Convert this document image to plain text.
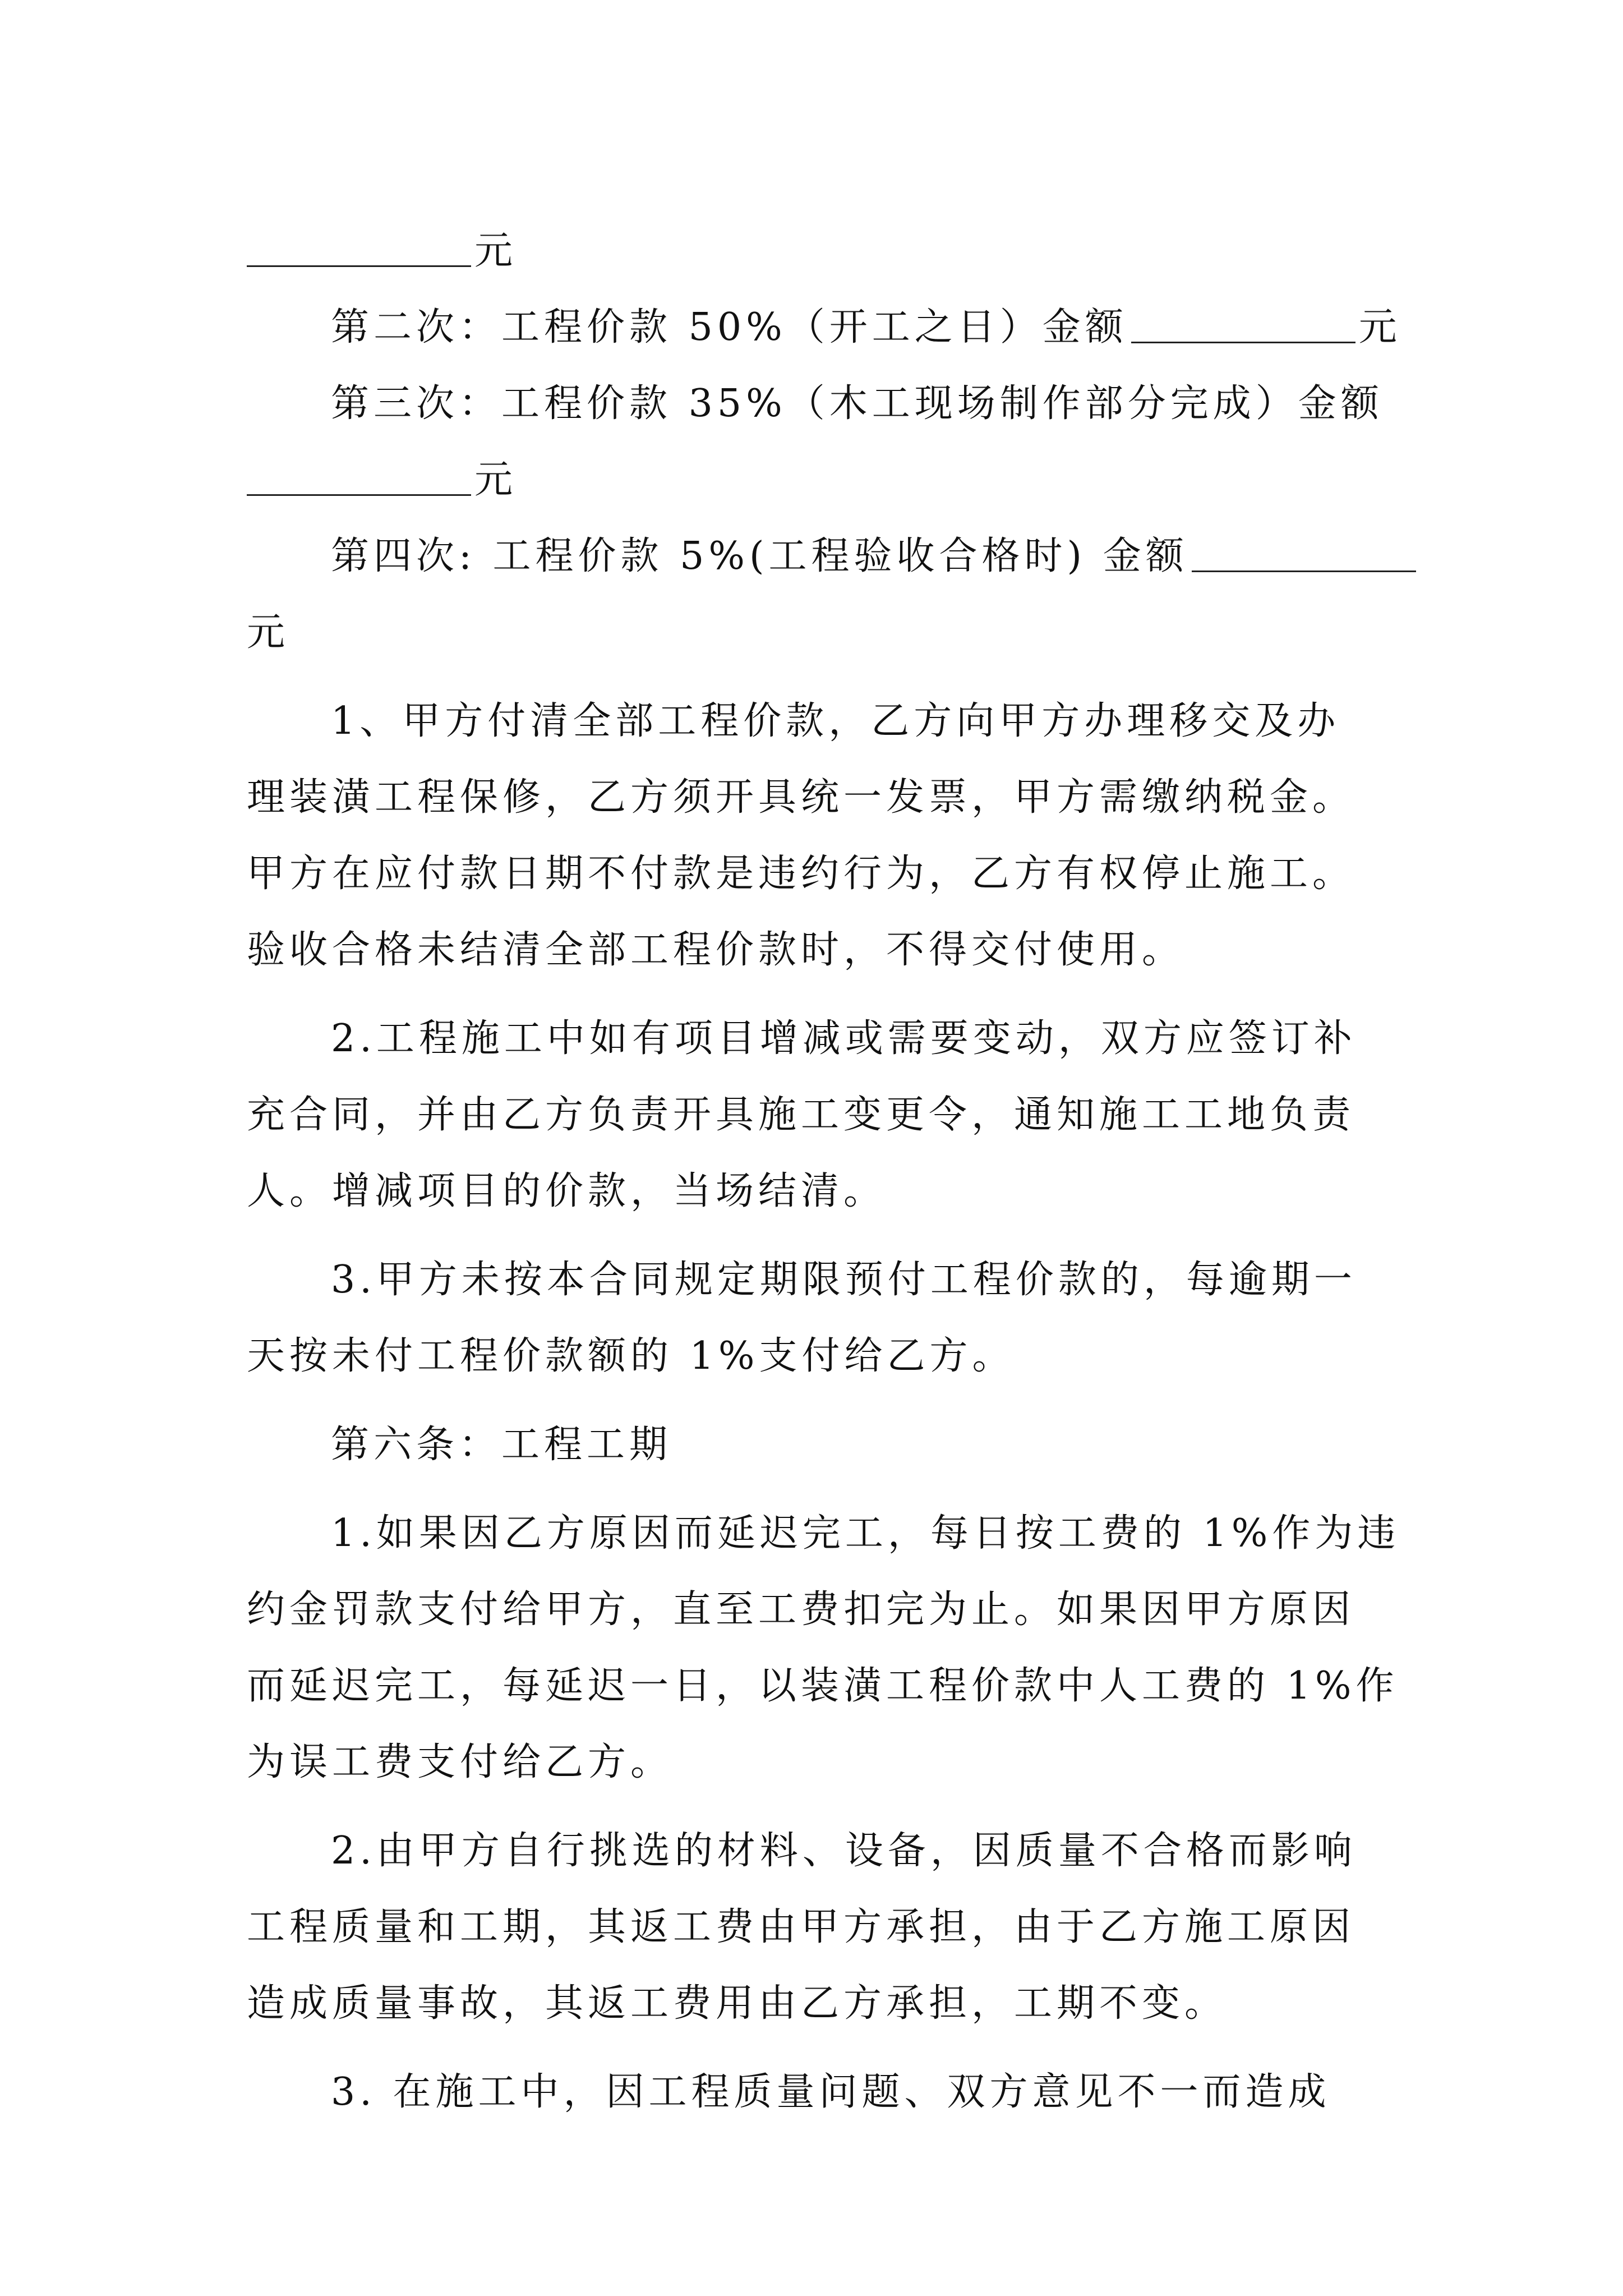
元
第二次：工程价款 50%（开工之日）金额	元
第三次：工程价款 35%（木工现场制作部分完成）金额
元
第四次: 工程价款 5%(工程验收合格时) 金额
元
1、甲方付清全部工程价款，乙方向甲方办理移交及办
理装潢工程保修，乙方须开具统一发票，甲方需缴纳税金。
甲方在应付款日期不付款是违约行为，乙方有权停止施工。
验收合格未结清全部工程价款时，不得交付使用。
2.工程施工中如有项目增减或需要变动，双方应签订补
充合同，并由乙方负责开具施工变更令，通知施工工地负责
人。增减项目的价款，当场结清。
3.甲方未按本合同规定期限预付工程价款的，每逾期一
天按未付工程价款额的 1%支付给乙方。
第六条：工程工期
1.如果因乙方原因而延迟完工，每日按工费的 1%作为违
约金罚款支付给甲方，直至工费扣完为止。如果因甲方原因
而延迟完工，每延迟一日，以装潢工程价款中人工费的 1%作
为误工费支付给乙方。
2.由甲方自行挑选的材料、设备，因质量不合格而影响
工程质量和工期，其返工费由甲方承担，由于乙方施工原因
造成质量事故，其返工费用由乙方承担，工期不变。
3. 在施工中，因工程质量问题、双方意见不一而造成
